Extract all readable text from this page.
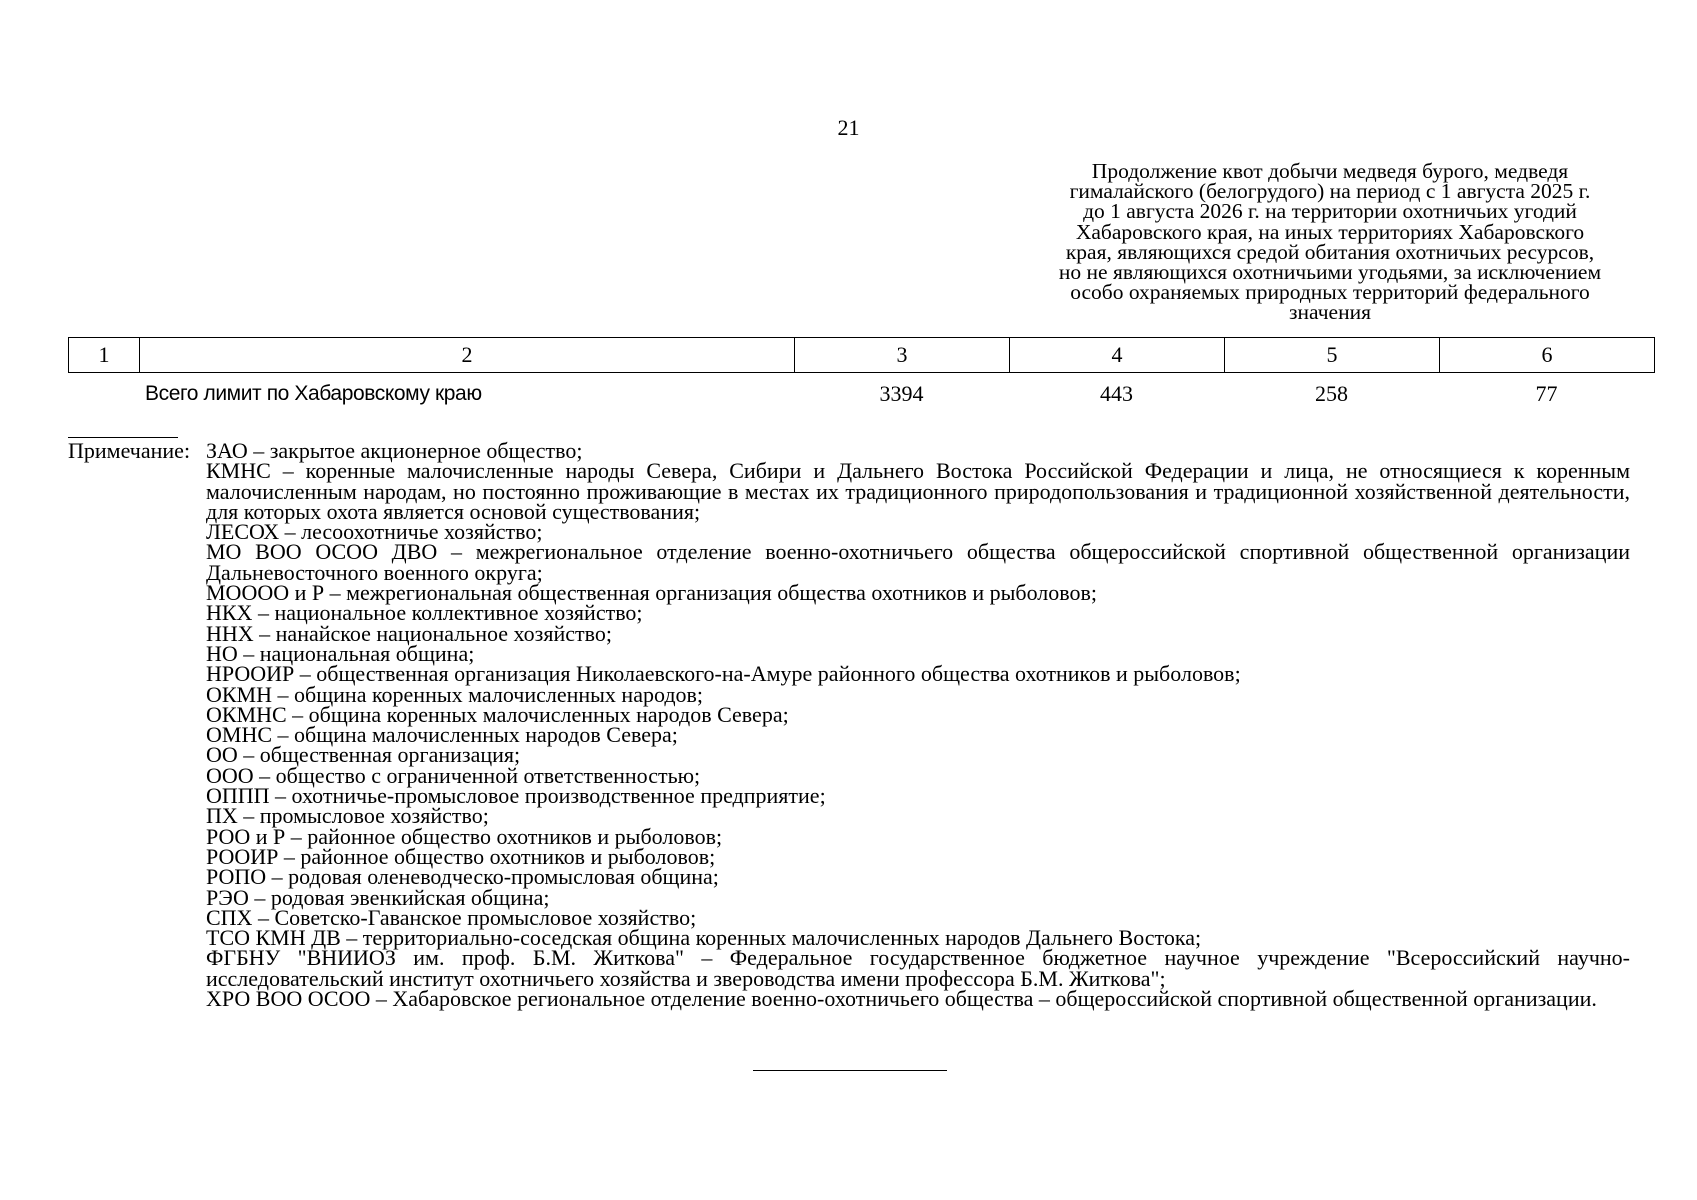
21
Продолжение квот добычи медведя бурого, медведя
гималайского (белогрудого) на период с 1 августа 2025 г.
до 1 августа 2026 г. на территории охотничьих угодий
Хабаровского края, на иных территориях Хабаровского
края, являющихся средой обитания охотничьих ресурсов,
но не являющихся охотничьими угодьями, за исключением
особо охраняемых природных территорий федерального
значения
1	2	3	4	5	6
Всего лимит по Хабаровскому краю	3394	443	258	77
Примечание: ЗАО – закрытое акционерное общество;

КМНС – коренные малочисленные народы Севера, Сибири и Дальнего Востока Российской Федерации и лица, не относящиеся к коренным малочисленным народам, но постоянно проживающие в местах их традиционного природопользования и традиционной хозяйственной деятельности, для которых охота является основой существования;

ЛЕСОХ – лесоохотничье хозяйство;

МО ВОО ОСОО ДВО – межрегиональное отделение военно-охотничьего общества общероссийской спортивной общественной организации Дальневосточного военного округа;

МОООО и Р – межрегиональная общественная организация общества охотников и рыболовов;

НКХ – национальное коллективное хозяйство;

ННХ – нанайское национальное хозяйство;

НО – национальная община;

НРООИР – общественная организация Николаевского-на-Амуре районного общества охотников и рыболовов;

ОКМН – община коренных малочисленных народов;

ОКМНС – община коренных малочисленных народов Севера;

ОМНС – община малочисленных народов Севера;

ОО – общественная организация;

ООО – общество с ограниченной ответственностью;

ОППП – охотничье-промысловое производственное предприятие;

ПХ – промысловое хозяйство;

РОО и Р – районное общество охотников и рыболовов;

РООИР – районное общество охотников и рыболовов;

РОПО – родовая оленеводческо-промысловая община;

РЭО – родовая эвенкийская община;

СПХ – Советско-Гаванское промысловое хозяйство;

ТСО КМН ДВ – территориально-соседская община коренных малочисленных народов Дальнего Востока;

ФГБНУ "ВНИИОЗ им. проф. Б.М. Житкова" – Федеральное государственное бюджетное научное учреждение "Всероссийский научно-исследовательский институт охотничьего хозяйства и звероводства имени профессора Б.М. Житкова";

ХРО ВОО ОСОО – Хабаровское региональное отделение военно-охотничьего общества – общероссийской спортивной общественной организации.
